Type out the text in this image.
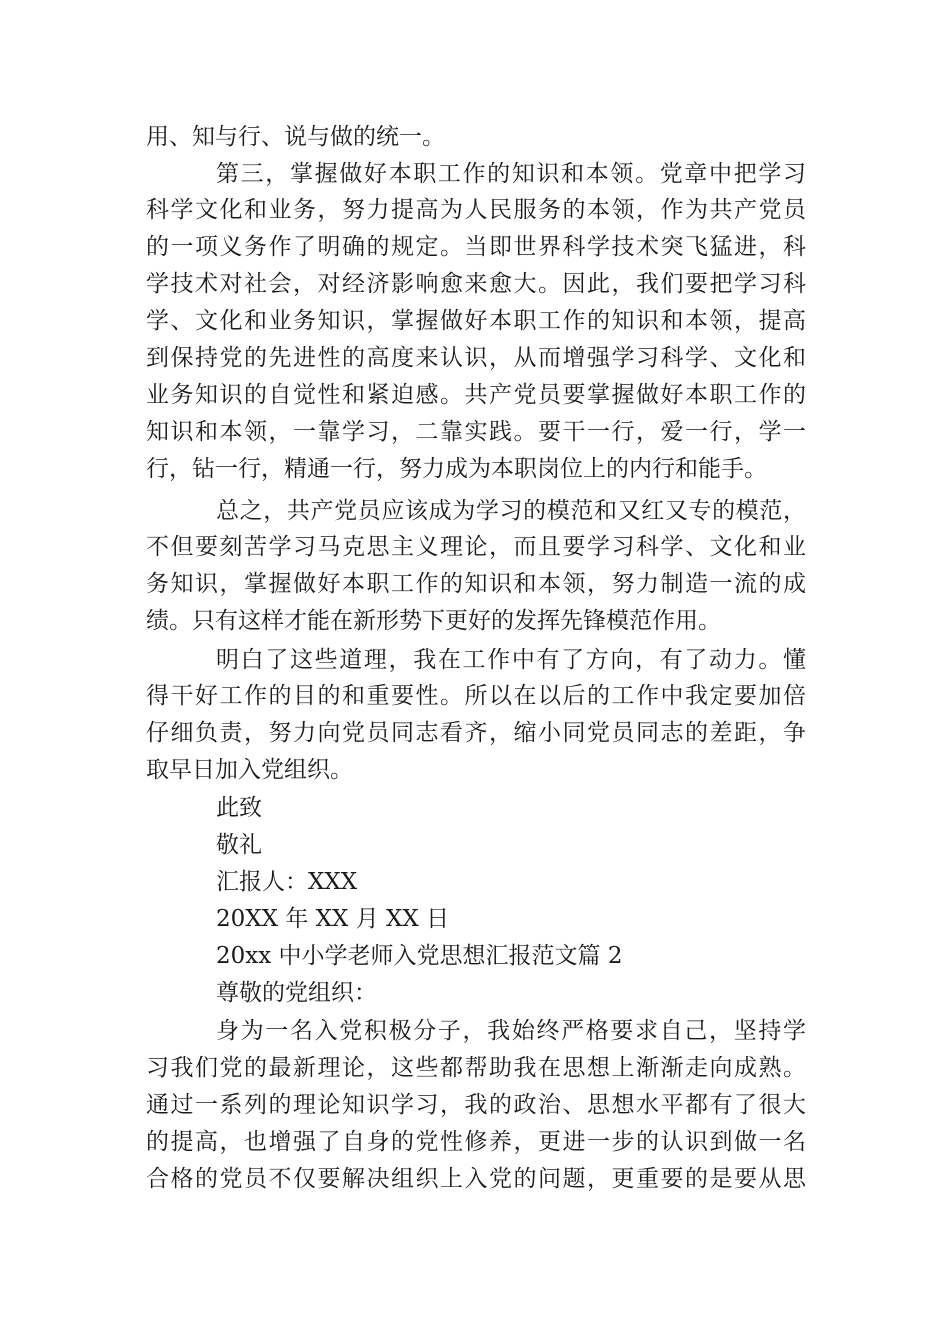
用、知与行、说与做的统一。
第三，掌握做好本职工作的知识和本领。党章中把学习
科学文化和业务，努力提高为人民服务的本领，作为共产党员
的一项义务作了明确的规定。当即世界科学技术突飞猛进，科
学技术对社会，对经济影响愈来愈大。因此，我们要把学习科
学、文化和业务知识，掌握做好本职工作的知识和本领，提高
到保持党的先进性的高度来认识，从而增强学习科学、文化和
业务知识的自觉性和紧迫感。共产党员要掌握做好本职工作的
知识和本领，一靠学习，二靠实践。要干一行，爱一行，学一
行，钻一行，精通一行，努力成为本职岗位上的内行和能手。
总之，共产党员应该成为学习的模范和又红又专的模范，
不但要刻苦学习马克思主义理论，而且要学习科学、文化和业
务知识，掌握做好本职工作的知识和本领，努力制造一流的成
绩。只有这样才能在新形势下更好的发挥先锋模范作用。
明白了这些道理，我在工作中有了方向，有了动力。懂
得干好工作的目的和重要性。所以在以后的工作中我定要加倍
仔细负责，努力向党员同志看齐，缩小同党员同志的差距，争
取早日加入党组织。
此致
敬礼
汇报人：XXX
20XX 年 XX 月 XX 日
20xx 中小学老师入党思想汇报范文篇 2
尊敬的党组织：
身为一名入党积极分子，我始终严格要求自己，坚持学
习我们党的最新理论，这些都帮助我在思想上渐渐走向成熟。
通过一系列的理论知识学习，我的政治、思想水平都有了很大
的提高，也增强了自身的党性修养，更进一步的认识到做一名
合格的党员不仅要解决组织上入党的问题，更重要的是要从思
